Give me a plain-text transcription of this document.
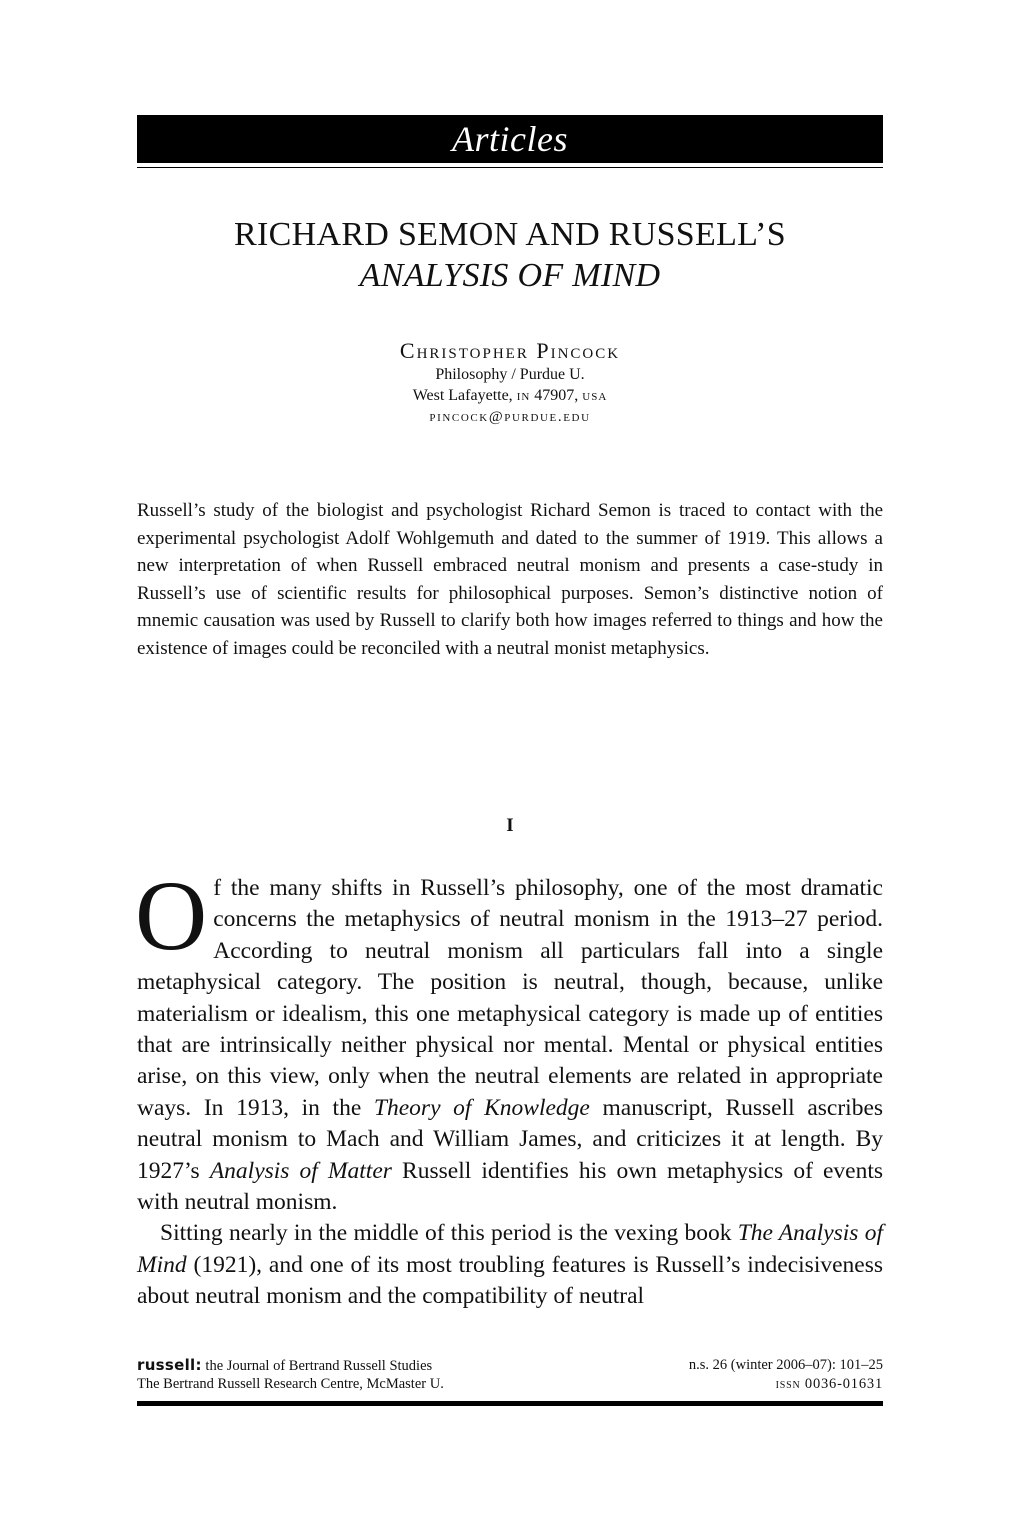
Articles
RICHARD SEMON AND RUSSELL’S
ANALYSIS OF MIND
Christopher Pincock
Philosophy / Purdue U.
West Lafayette, in 47907, usa
pincock@purdue.edu
Russell’s study of the biologist and psychologist Richard Semon is traced to contact with the experimental psychologist Adolf Wohlgemuth and dated to the summer of 1919. This allows a new interpretation of when Russell embraced neutral monism and presents a case-study in Russell’s use of scientific results for philosophical purposes. Semon’s distinctive notion of mnemic causation was used by Russell to clarify both how images referred to things and how the existence of images could be reconciled with a neutral monist metaphysics.
I

Of the many shifts in Russell’s philosophy, one of the most dramatic concerns the metaphysics of neutral monism in the 1913–27 period. According to neutral monism all particulars fall into a single metaphysical category. The position is neutral, though, because, unlike materialism or idealism, this one metaphysical category is made up of entities that are intrinsically neither physical nor mental. Mental or physical entities arise, on this view, only when the neutral elements are related in appropriate ways. In 1913, in the Theory of Knowledge manuscript, Russell ascribes neutral monism to Mach and William James, and criticizes it at length. By 1927’s Analysis of Matter Russell identifies his own metaphysics of events with neutral monism.

Sitting nearly in the middle of this period is the vexing book The Analysis of Mind (1921), and one of its most troubling features is Russell’s indecisiveness about neutral monism and the compatibility of neutral

russell: the Journal of Bertrand Russell Studies	n.s. 26 (winter 2006–07): 101–25
The Bertrand Russell Research Centre, McMaster U.	issn 0036-01631
